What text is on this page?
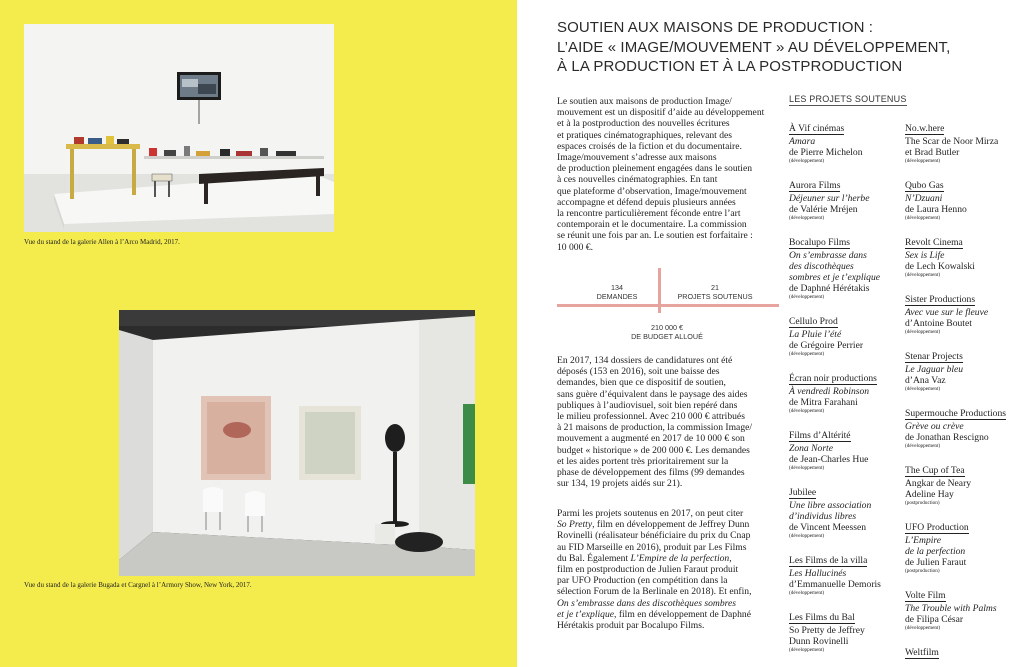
Vue du stand de la galerie Allen à l’Arco Madrid, 2017.
Vue du stand de la galerie Bugada et Cargnel à l’Armory Show, New York, 2017.
SOUTIEN AUX MAISONS DE PRODUCTION :
L’AIDE « IMAGE/MOUVEMENT » AU DÉVELOPPEMENT,
À LA PRODUCTION ET À LA POSTPRODUCTION

Le soutien aux maisons de production Image/
mouvement est un dispositif d’aide au développement
et à la postproduction des nouvelles écritures
et pratiques cinématographiques, relevant des
espaces croisés de la fiction et du documentaire.
Image/mouvement s’adresse aux maisons
de production pleinement engagées dans le soutien
à ces nouvelles cinématographies. En tant
que plateforme d’observation, Image/mouvement
accompagne et défend depuis plusieurs années
la rencontre particulièrement féconde entre l’art
contemporain et le documentaire. La commission
se réunit une fois par an. Le soutien est forfaitaire :
10 000 €.

134
DEMANDES
21
PROJETS SOUTENUS
210 000 €
DE BUDGET ALLOUÉ

En 2017, 134 dossiers de candidatures ont été
déposés (153 en 2016), soit une baisse des
demandes, bien que ce dispositif de soutien,
sans guère d’équivalent dans le paysage des aides
publiques à l’audiovisuel, soit bien repéré dans
le milieu professionnel. Avec 210 000 € attribués
à 21 maisons de production, la commission Image/
mouvement a augmenté en 2017 de 10 000 € son
budget « historique » de 200 000 €. Les demandes
et les aides portent très prioritairement sur la
phase de développement des films (99 demandes
sur 134, 19 projets aidés sur 21).

Parmi les projets soutenus en 2017, on peut citer
So Pretty, film en développement de Jeffrey Dunn
Rovinelli (réalisateur bénéficiaire du prix du Cnap
au FID Marseille en 2016), produit par Les Films
du Bal. Également L’Empire de la perfection,
film en postproduction de Julien Faraut produit
par UFO Production (en compétition dans la
sélection Forum de la Berlinale en 2018). Et enfin,
On s’embrasse dans des discothèques sombres
et je t’explique, film en développement de Daphné
Hérétakis produit par Bocalupo Films.

LES PROJETS SOUTENUS
À Vif cinémas
Amara
de Pierre Michelon
(développement)
Aurora Films
Déjeuner sur l’herbe
de Valérie Mréjen
(développement)
Bocalupo Films
On s’embrasse dans
des discothèques
sombres et je t’explique
de Daphné Hérétakis
(développement)
Cellulo Prod
La Pluie l’été
de Grégoire Perrier
(développement)
Écran noir productions
À vendredi Robinson
de Mitra Farahani
(développement)
Films d’Altérité
Zona Norte
de Jean-Charles Hue
(développement)
Jubilee
Une libre association
d’individus libres
de Vincent Meessen
(développement)
Les Films de la villa
Les Hallucinés
d’Emmanuelle Demoris
(développement)
Les Films du Bal
So Pretty de Jeffrey
Dunn Rovinelli
(développement)
No.w.here
The Scar de Noor Mirza
et Brad Butler
(développement)
Qubo Gas
N’Dzuani
de Laura Henno
(développement)
Revolt Cinema
Sex is Life
de Lech Kowalski
(développement)
Sister Productions
Avec vue sur le fleuve
d’Antoine Boutet
(développement)
Stenar Projects
Le Jaguar bleu
d’Ana Vaz
(développement)
Supermouche Productions
Grève ou crève
de Jonathan Rescigno
(développement)
The Cup of Tea
Angkar de Neary
Adeline Hay
(postproduction)
UFO Production
L’Empire
de la perfection
de Julien Faraut
(postproduction)
Volte Film
The Trouble with Palms
de Filipa César
(développement)
Weltfilm
